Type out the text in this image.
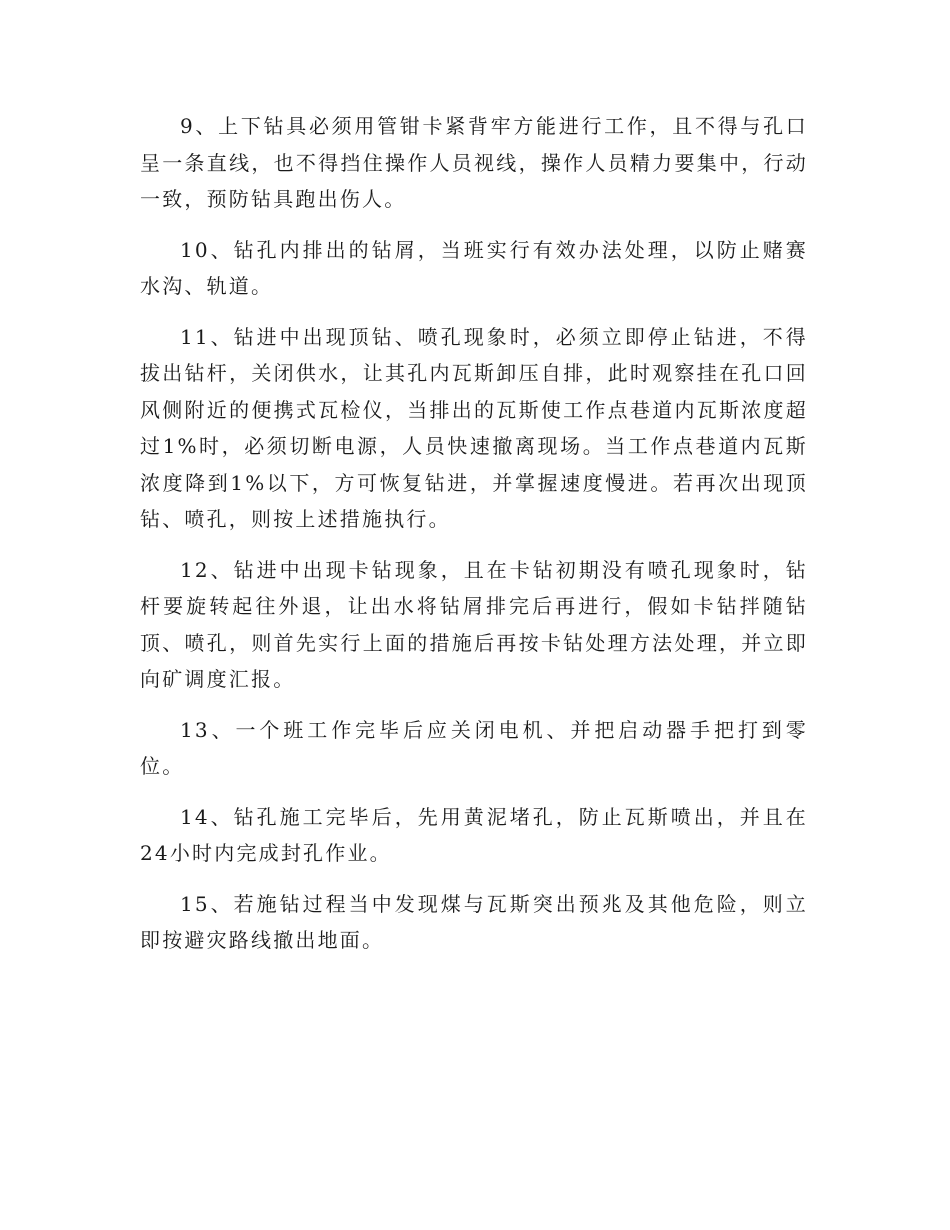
9、上下钻具必须用管钳卡紧背牢方能进行工作，且不得与孔口呈一条直线，也不得挡住操作人员视线，操作人员精力要集中，行动一致，预防钻具跑出伤人。

10、钻孔内排出的钻屑，当班实行有效办法处理，以防止赌赛水沟、轨道。

11、钻进中出现顶钻、喷孔现象时，必须立即停止钻进，不得拔出钻杆，关闭供水，让其孔内瓦斯卸压自排，此时观察挂在孔口回风侧附近的便携式瓦检仪，当排出的瓦斯使工作点巷道内瓦斯浓度超过1%时，必须切断电源，人员快速撤离现场。当工作点巷道内瓦斯浓度降到1%以下，方可恢复钻进，并掌握速度慢进。若再次出现顶钻、喷孔，则按上述措施执行。

12、钻进中出现卡钻现象，且在卡钻初期没有喷孔现象时，钻杆要旋转起往外退，让出水将钻屑排完后再进行，假如卡钻拌随钻顶、喷孔，则首先实行上面的措施后再按卡钻处理方法处理，并立即向矿调度汇报。

13、一个班工作完毕后应关闭电机、并把启动器手把打到零位。

14、钻孔施工完毕后，先用黄泥堵孔，防止瓦斯喷出，并且在24小时内完成封孔作业。

15、若施钻过程当中发现煤与瓦斯突出预兆及其他危险，则立即按避灾路线撤出地面。
